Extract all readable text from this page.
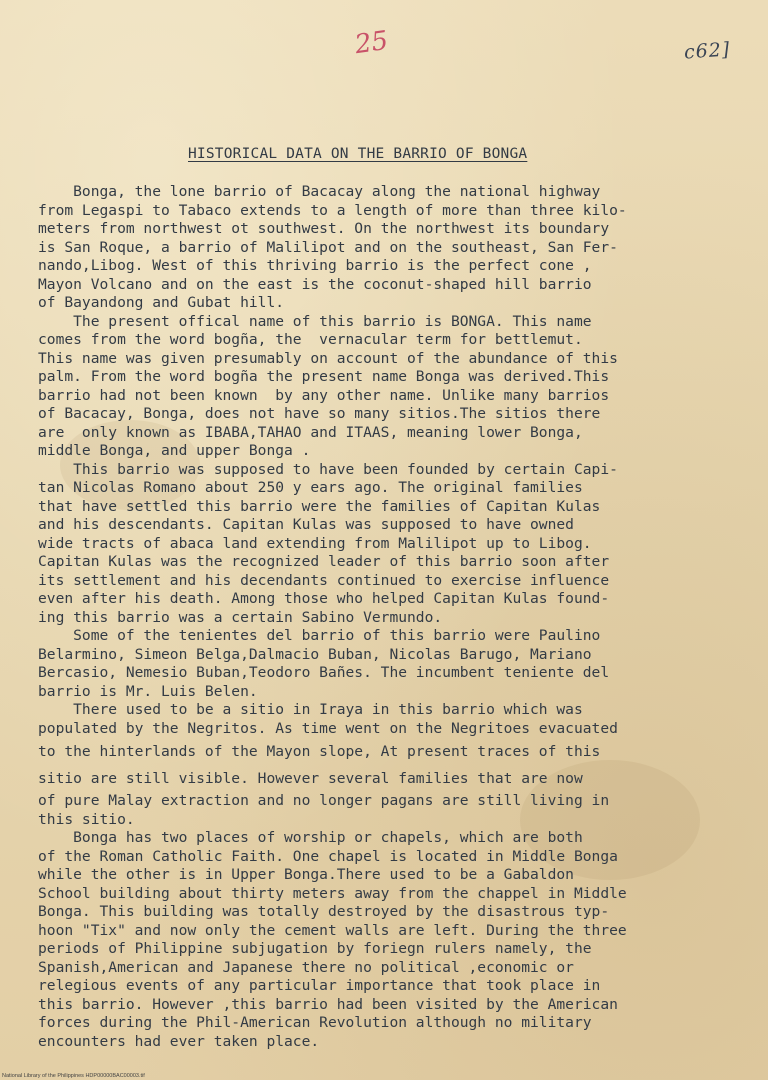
25	c62]
HISTORICAL DATA ON THE BARRIO OF BONGA
Bonga, the lone barrio of Bacacay along the national highway
from Legaspi to Tabaco extends to a length of more than three kilo-
meters from northwest ot southwest. On the northwest its boundary
is San Roque, a barrio of Malilipot and on the southeast, San Fer-
nando,Libog. West of this thriving barrio is the perfect cone ,
Mayon Volcano and on the east is the coconut-shaped hill barrio
of Bayandong and Gubat hill.
The present offical name of this barrio is BONGA. This name
comes from the word bogña, the  vernacular term for bettlemut.
This name was given presumably on account of the abundance of this
palm. From the word bogña the present name Bonga was derived.This
barrio had not been known  by any other name. Unlike many barrios
of Bacacay, Bonga, does not have so many sitios.The sitios there
are  only known as IBABA,TAHAO and ITAAS, meaning lower Bonga,
middle Bonga, and upper Bonga .
This barrio was supposed to have been founded by certain Capi-
tan Nicolas Romano about 250 y ears ago. The original families
that have settled this barrio were the families of Capitan Kulas
and his descendants. Capitan Kulas was supposed to have owned
wide tracts of abaca land extending from Malilipot up to Libog.
Capitan Kulas was the recognized leader of this barrio soon after
its settlement and his decendants continued to exercise influence
even after his death. Among those who helped Capitan Kulas found-
ing this barrio was a certain Sabino Vermundo.
Some of the tenientes del barrio of this barrio were Paulino
Belarmino, Simeon Belga,Dalmacio Buban, Nicolas Barugo, Mariano
Bercasio, Nemesio Buban,Teodoro Bañes. The incumbent teniente del
barrio is Mr. Luis Belen.
There used to be a sitio in Iraya in this barrio which was
populated by the Negritos. As time went on the Negritoes evacuated
to the hinterlands of the Mayon slope, At present traces of this
sitio are still visible. However several families that are now
of pure Malay extraction and no longer pagans are still living in
this sitio.
Bonga has two places of worship or chapels, which are both
of the Roman Catholic Faith. One chapel is located in Middle Bonga
while the other is in Upper Bonga.There used to be a Gabaldon
School building about thirty meters away from the chappel in Middle
Bonga. This building was totally destroyed by the disastrous typ-
hoon "Tix" and now only the cement walls are left. During the three
periods of Philippine subjugation by foriegn rulers namely, the
Spanish,American and Japanese there no political ,economic or
relegious events of any particular importance that took place in
this barrio. However ,this barrio had been visited by the American
forces during the Phil-American Revolution although no military
encounters had ever taken place.
National Library of the Philippines HDP00000BAC00003.tif
